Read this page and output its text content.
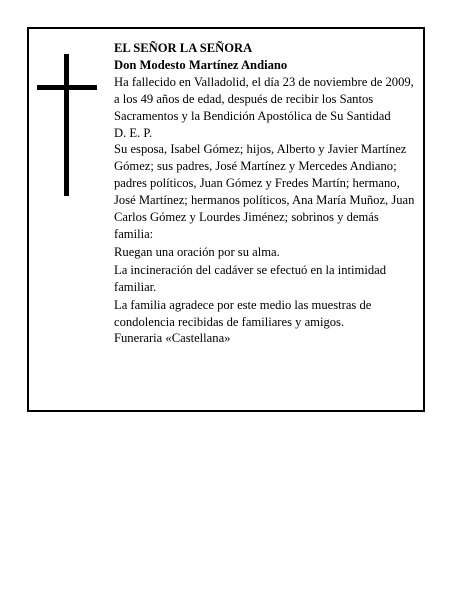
EL SEÑOR LA SEÑORA

Don Modesto Martínez Andiano

Ha fallecido en Valladolid, el día 23 de noviembre de 2009, a los 49 años de edad, después de recibir los Santos Sacramentos y la Bendición Apostólica de Su Santidad

D. E. P.

Su esposa, Isabel Gómez; hijos, Alberto y Javier Martínez Gómez; sus padres, José Martínez y Mercedes Andiano; padres políticos, Juan Gómez y Fredes Martín; hermano, José Martínez; hermanos políticos, Ana María Muñoz, Juan Carlos Gómez y Lourdes Jiménez; sobrinos y demás familia:

Ruegan una oración por su alma.

La incineración del cadáver se efectuó en la intimidad familiar.

La familia agradece por este medio las muestras de condolencia recibidas de familiares y amigos.

Funeraria «Castellana»
